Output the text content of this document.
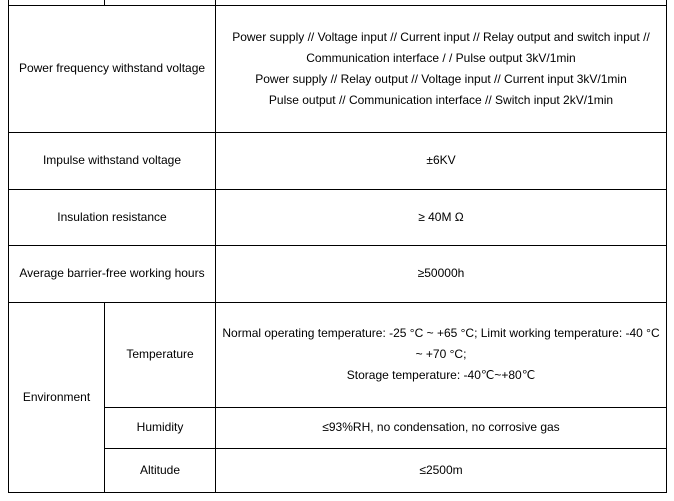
Power frequency withstand voltage		Power supply // Voltage input // Current input // Relay output and switch input //
Communication interface / / Pulse output 3kV/1min
Power supply // Relay output // Voltage input // Current input 3kV/1min
Pulse output // Communication interface // Switch input 2kV/1min

Impulse withstand voltage		±6KV
Insulation resistance		≥ 40M Ω
Average barrier-free working hours		≥50000h
Environment	Temperature	Normal operating temperature: -25 °C ~ +65 °C; Limit working temperature: -40 °C
~ +70 °C;
Storage temperature: -40℃~+80℃

	Humidity	≤93%RH, no condensation, no corrosive gas
	Altitude	≤2500m
